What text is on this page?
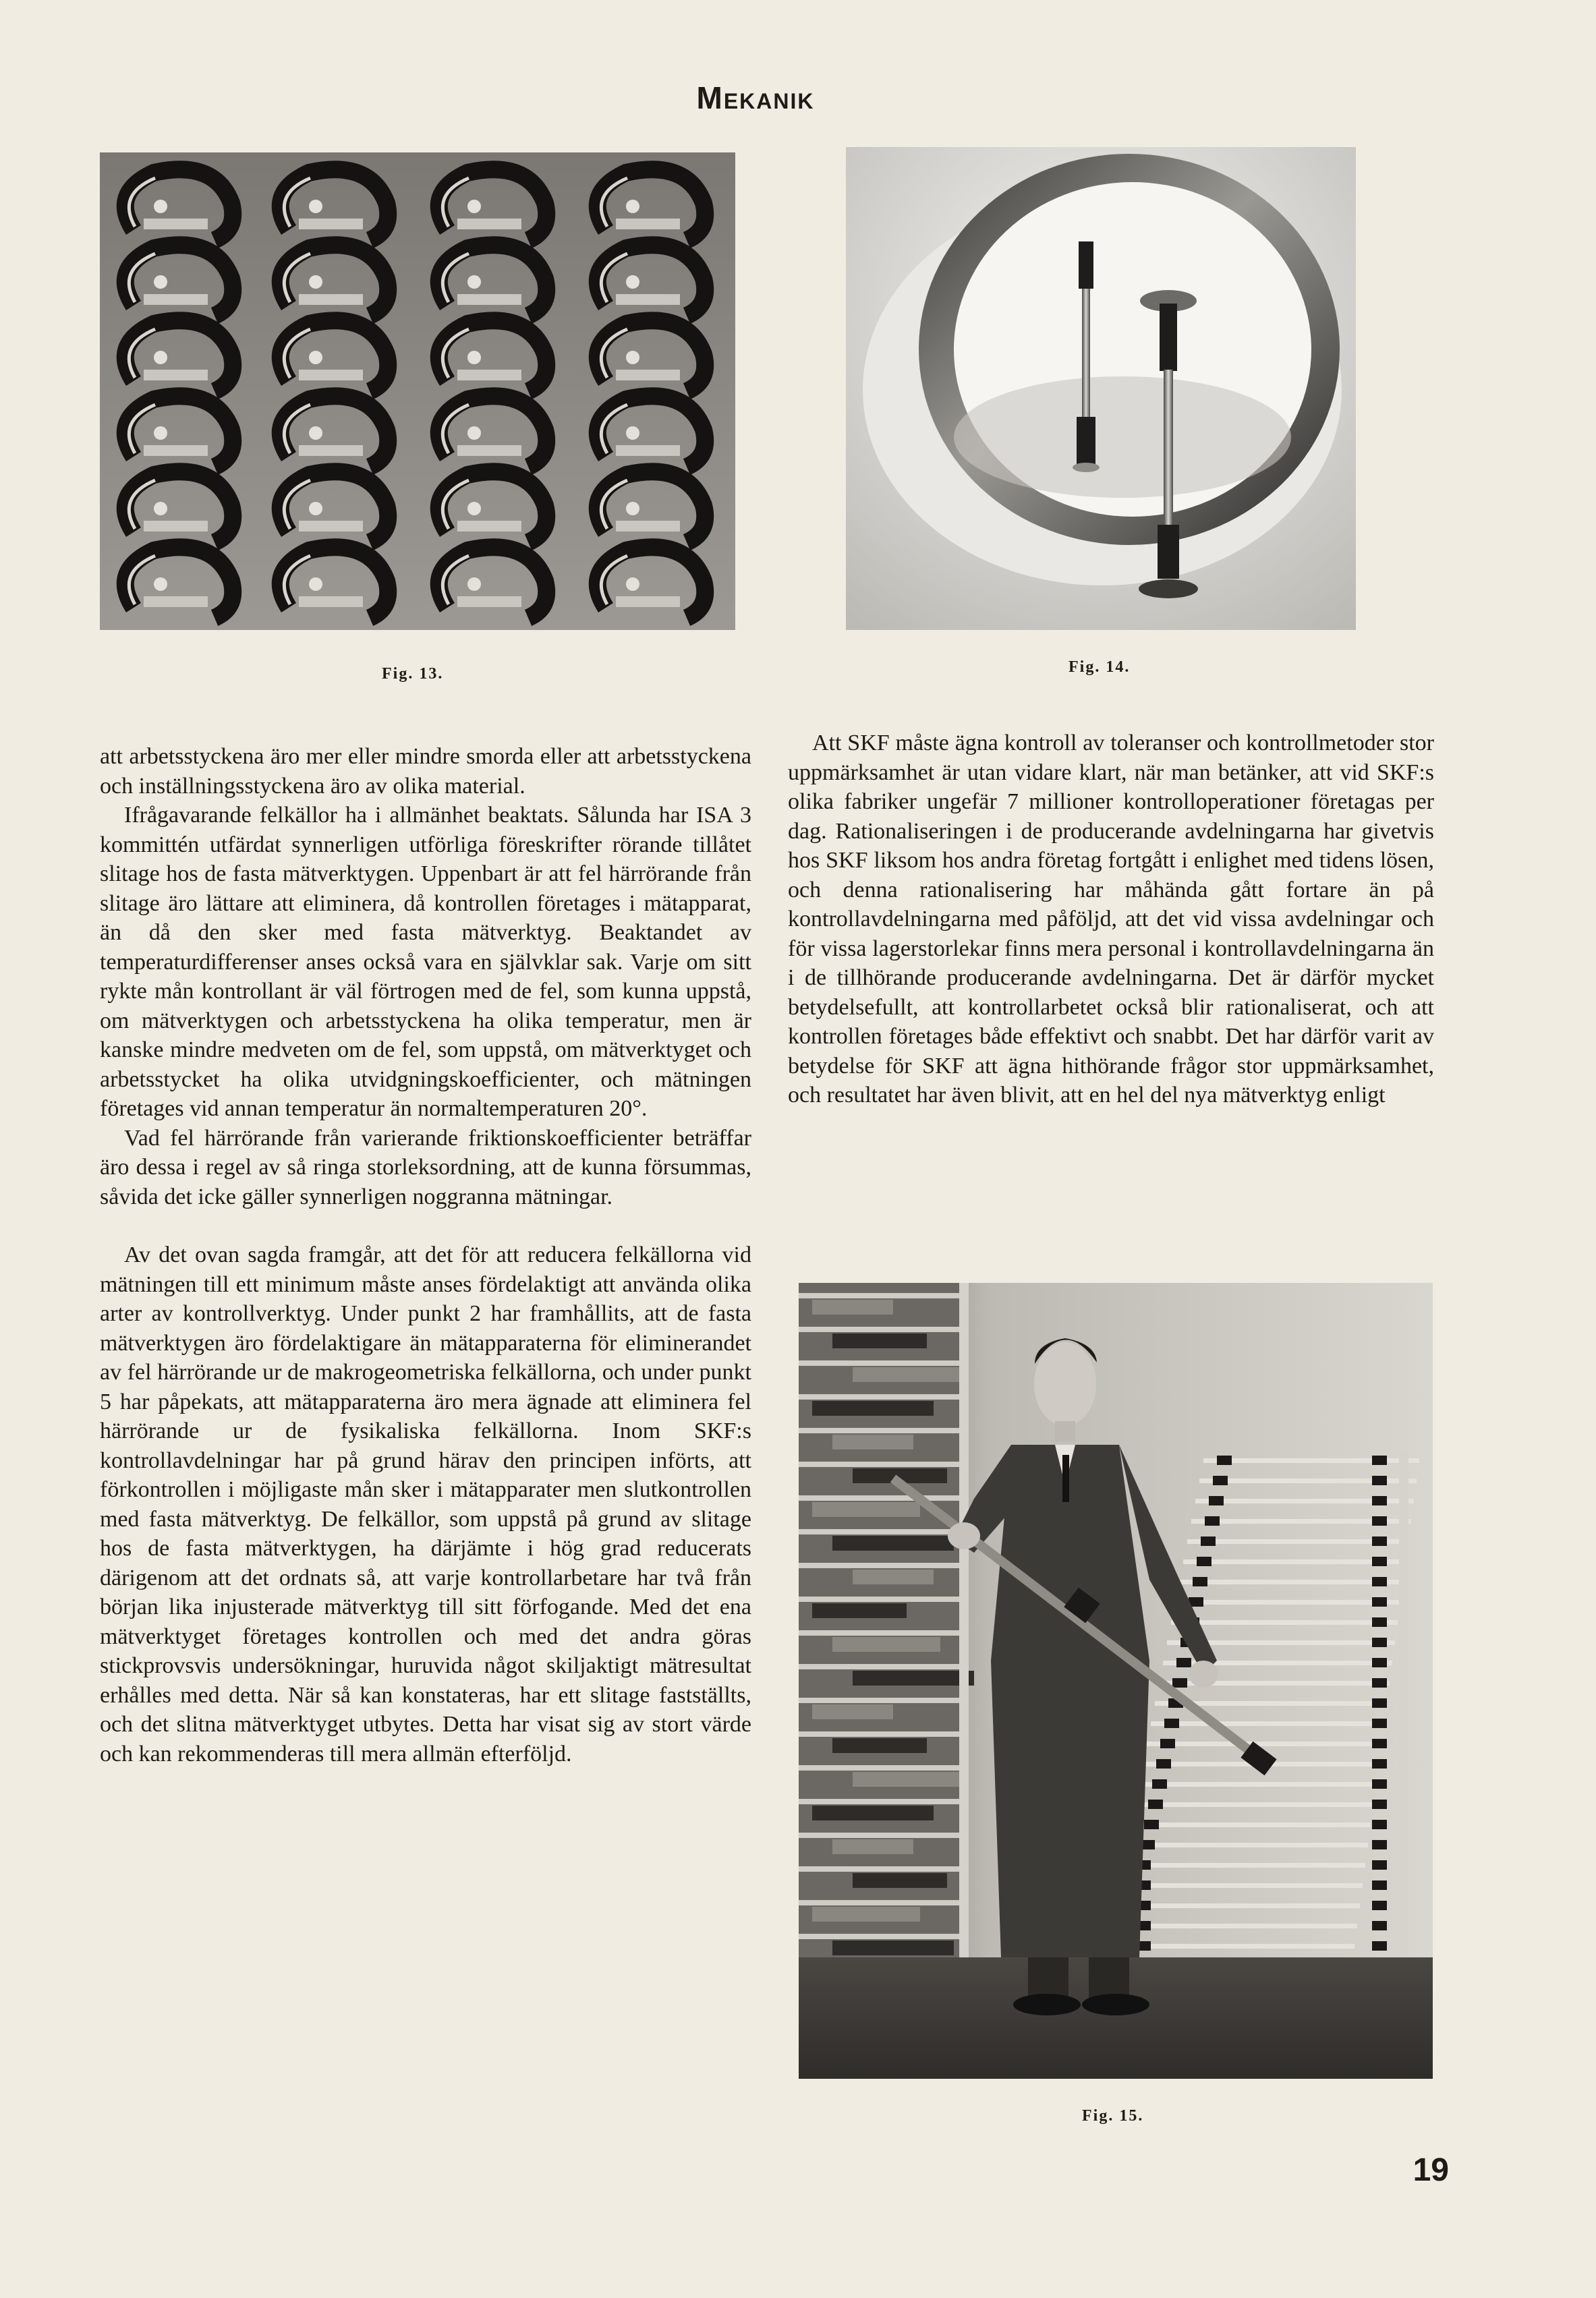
Mekanik
Fig. 13.	Fig. 14.

att arbetsstyckena äro mer eller mindre smorda eller att arbetsstyckena och inställningsstyckena äro av olika material.

Ifrågavarande felkällor ha i allmänhet beaktats. Sålunda har ISA 3 kommittén utfärdat synnerligen utförliga föreskrifter rörande tillåtet slitage hos de fasta mätverktygen. Uppenbart är att fel härrörande från slitage äro lättare att eliminera, då kontrollen företages i mätapparat, än då den sker med fasta mätverktyg. Beaktandet av temperaturdifferenser anses också vara en självklar sak. Varje om sitt rykte mån kontrollant är väl förtrogen med de fel, som kunna uppstå, om mätverktygen och arbetsstyckena ha olika temperatur, men är kanske mindre medveten om de fel, som uppstå, om mätverktyget och arbetsstycket ha olika utvidgningskoefficienter, och mätningen företages vid annan temperatur än normaltemperaturen 20°.

Vad fel härrörande från varierande friktionskoefficienter beträffar äro dessa i regel av så ringa storleksordning, att de kunna försummas, såvida det icke gäller synnerligen noggranna mätningar.

Av det ovan sagda framgår, att det för att reducera felkällorna vid mätningen till ett minimum måste anses fördelaktigt att använda olika arter av kontrollverktyg. Under punkt 2 har framhållits, att de fasta mätverktygen äro fördelaktigare än mätapparaterna för eliminerandet av fel härrörande ur de makrogeometriska felkällorna, och under punkt 5 har påpekats, att mätapparaterna äro mera ägnade att eliminera fel härrörande ur de fysikaliska felkällorna. Inom SKF:s kontrollavdelningar har på grund härav den principen införts, att förkontrollen i möjligaste mån sker i mätapparater men slutkontrollen med fasta mätverktyg. De felkällor, som uppstå på grund av slitage hos de fasta mätverktygen, ha därjämte i hög grad reducerats därigenom att det ordnats så, att varje kontrollarbetare har två från början lika injusterade mätverktyg till sitt förfogande. Med det ena mätverktyget företages kontrollen och med det andra göras stickprovsvis undersökningar, huruvida något skiljaktigt mätresultat erhålles med detta. När så kan konstateras, har ett slitage fastställts, och det slitna mätverktyget utbytes. Detta har visat sig av stort värde och kan rekommenderas till mera allmän efterföljd.

Att SKF måste ägna kontroll av toleranser och kontrollmetoder stor uppmärksamhet är utan vidare klart, när man betänker, att vid SKF:s olika fabriker ungefär 7 millioner kontrolloperationer företagas per dag. Rationaliseringen i de producerande avdelningarna har givetvis hos SKF liksom hos andra företag fortgått i enlighet med tidens lösen, och denna rationalisering har måhända gått fortare än på kontrollavdelningarna med påföljd, att det vid vissa avdelningar och för vissa lagerstorlekar finns mera personal i kontrollavdelningarna än i de tillhörande producerande avdelningarna. Det är därför mycket betydelsefullt, att kontrollarbetet också blir rationaliserat, och att kontrollen företages både effektivt och snabbt. Det har därför varit av betydelse för SKF att ägna hithörande frågor stor uppmärksamhet, och resultatet har även blivit, att en hel del nya mätverktyg enligt

Fig. 15.
19
